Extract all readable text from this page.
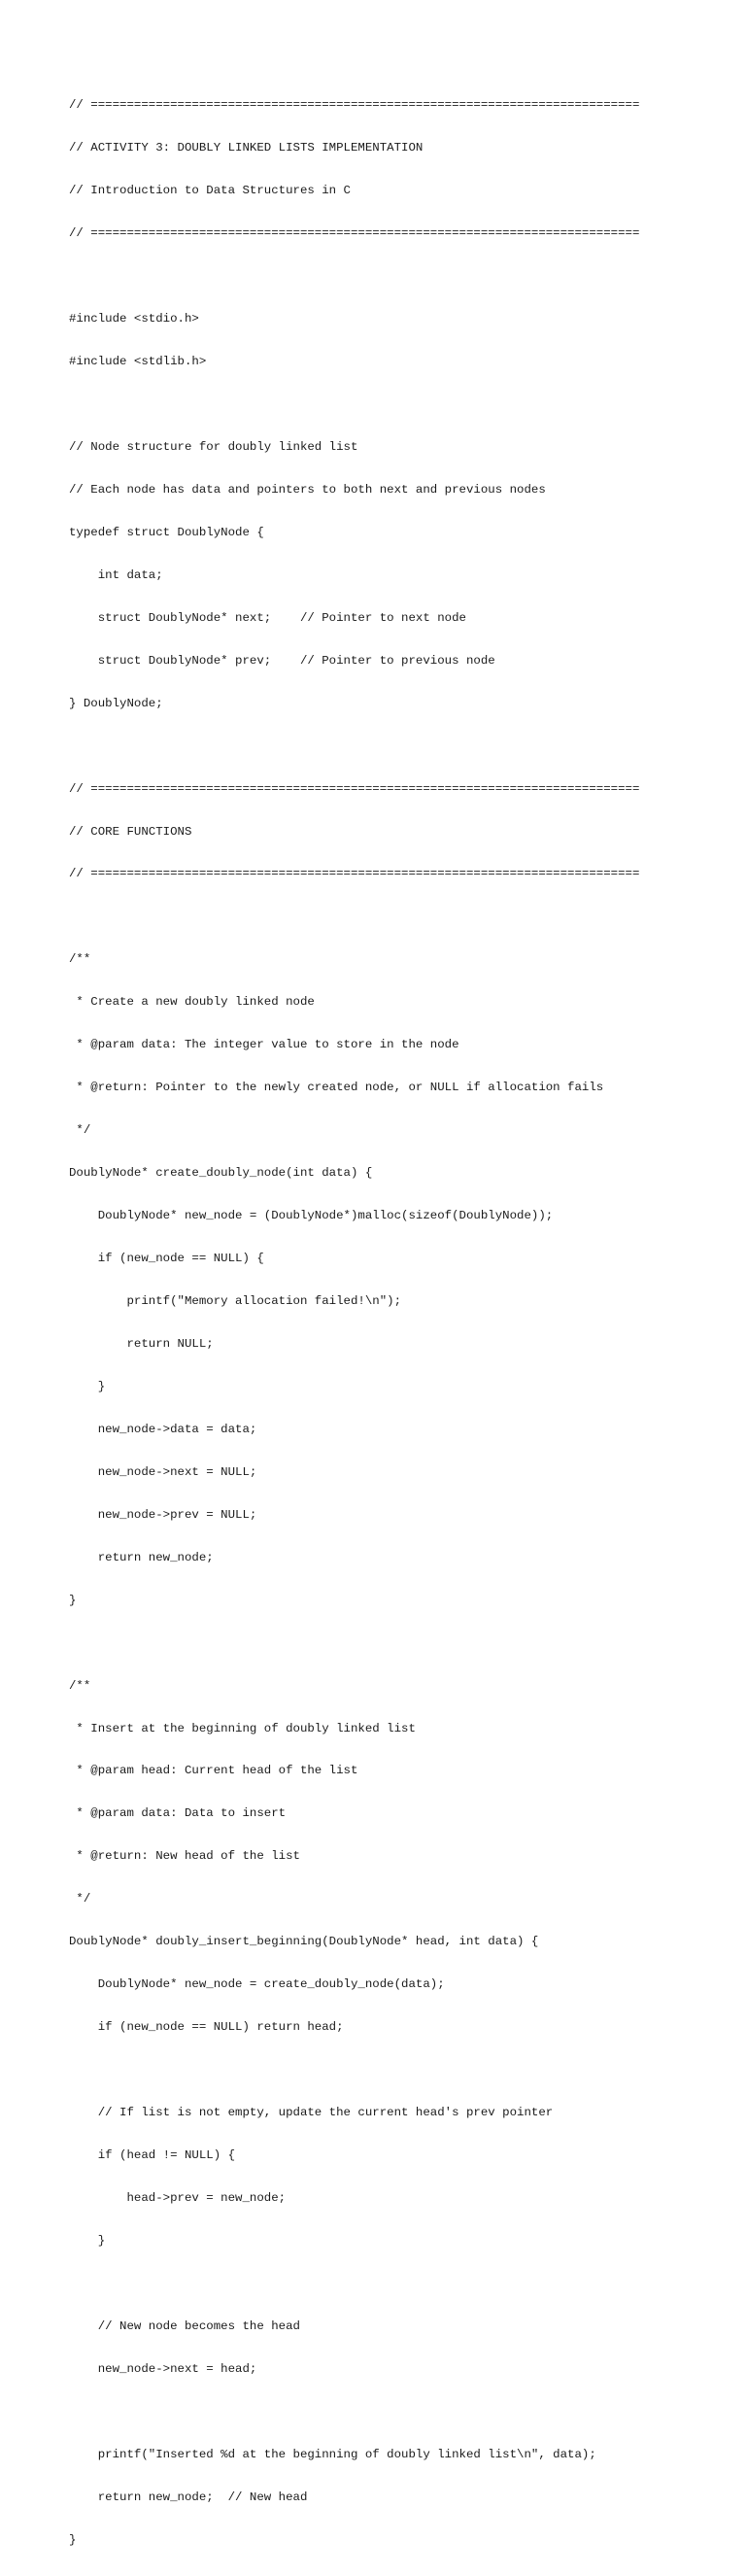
// ============================================================================

// ACTIVITY 3: DOUBLY LINKED LISTS IMPLEMENTATION

// Introduction to Data Structures in C

// ============================================================================

#include <stdio.h>

#include <stdlib.h>

// Node structure for doubly linked list

// Each node has data and pointers to both next and previous nodes

typedef struct DoublyNode {

int data;

struct DoublyNode* next;    // Pointer to next node

struct DoublyNode* prev;    // Pointer to previous node

} DoublyNode;

// ============================================================================

// CORE FUNCTIONS

// ============================================================================

/**

* Create a new doubly linked node

* @param data: The integer value to store in the node

* @return: Pointer to the newly created node, or NULL if allocation fails

*/

DoublyNode* create_doubly_node(int data) {

DoublyNode* new_node = (DoublyNode*)malloc(sizeof(DoublyNode));

if (new_node == NULL) {

printf("Memory allocation failed!\n");

return NULL;

}

new_node->data = data;

new_node->next = NULL;

new_node->prev = NULL;

return new_node;

}

/**

* Insert at the beginning of doubly linked list

* @param head: Current head of the list

* @param data: Data to insert

* @return: New head of the list

*/

DoublyNode* doubly_insert_beginning(DoublyNode* head, int data) {

DoublyNode* new_node = create_doubly_node(data);

if (new_node == NULL) return head;

// If list is not empty, update the current head's prev pointer

if (head != NULL) {

head->prev = new_node;

}

// New node becomes the head

new_node->next = head;

printf("Inserted %d at the beginning of doubly linked list\n", data);

return new_node;  // New head

}
